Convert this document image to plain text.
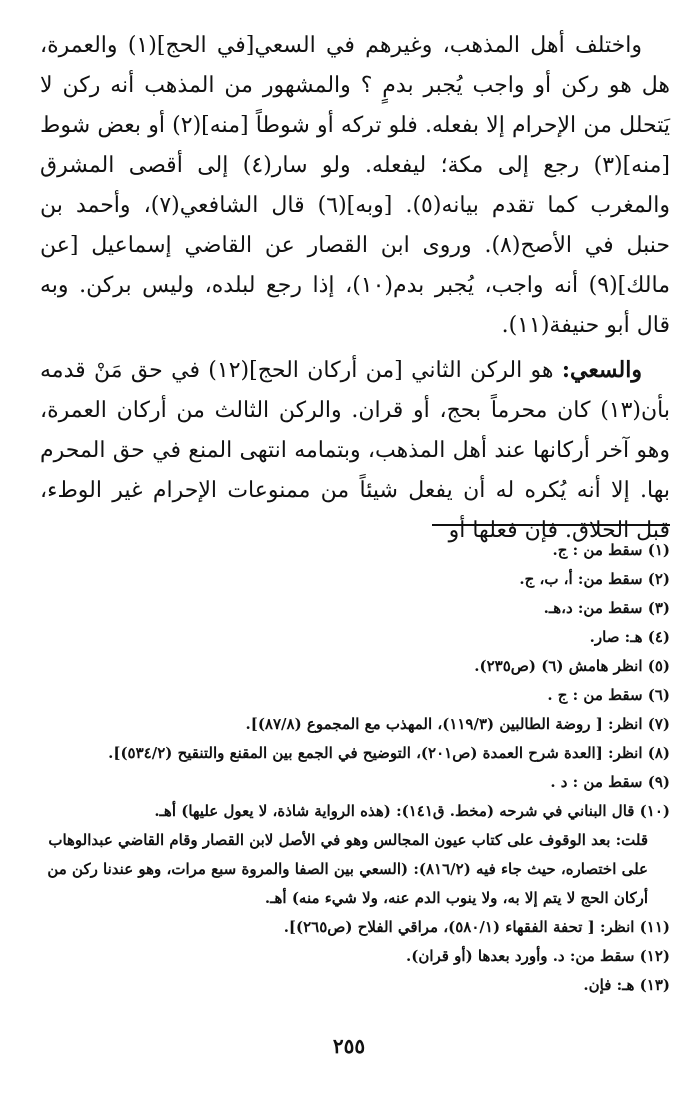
واختلف أهل المذهب، وغيرهم في السعي[في الحج](١) والعمرة، هل هو ركن أو واجب يُجبر بدمٍ ؟ والمشهور من المذهب أنه ركن لا يَتحلل من الإحرام إلا بفعله. فلو تركه أو شوطاً [منه](٢) أو بعض شوط [منه](٣) رجع إلى مكة؛ ليفعله. ولو سار(٤) إلى أقصى المشرق والمغرب كما تقدم بيانه(٥). [وبه](٦) قال الشافعي(٧)، وأحمد بن حنبل في الأصح(٨). وروى ابن القصار عن القاضي إسماعيل [عن مالك](٩) أنه واجب، يُجبر بدم(١٠)، إذا رجع لبلده، وليس بركن. وبه قال أبو حنيفة(١١).

والسعي: هو الركن الثاني [من أركان الحج](١٢) في حق مَنْ قدمه بأن(١٣) كان محرماً بحج، أو قران. والركن الثالث من أركان العمرة، وهو آخر أركانها عند أهل المذهب، وبتمامه انتهى المنع في حق المحرم بها. إلا أنه يُكره له أن يفعل شيئاً من ممنوعات الإحرام غير الوطء، قبل الحلاق. فإن فعلها أو

(١) سقط من : ج.
(٢) سقط من: أ، ب، ج.
(٣) سقط من: د،هـ.
(٤) هـ: صار.
(٥) انظر هامش (٦) (ص٢٣٥).
(٦) سقط من : ج .
(٧) انظر: [ روضة الطالبين (١١٩/٣)، المهذب مع المجموع (٨٧/٨)].
(٨) انظر: [العدة شرح العمدة (ص٢٠١)، التوضيح في الجمع بين المقنع والتنقيح (٥٣٤/٢)].
(٩) سقط من : د .
(١٠) قال البناني في شرحه (مخط. ق١٤١): (هذه الرواية شاذة، لا يعول عليها) أهـ.
قلت: بعد الوقوف على كتاب عيون المجالس وهو في الأصل لابن القصار وقام القاضي عبدالوهاب على اختصاره، حيث جاء فيه (٨١٦/٢): (السعي بين الصفا والمروة سبع مرات، وهو عندنا ركن من أركان الحج لا يتم إلا به، ولا ينوب الدم عنه، ولا شيء منه) أهـ.
(١١) انظر: [ تحفة الفقهاء (٥٨٠/١)، مراقي الفلاح (ص٢٦٥)].
(١٢) سقط من: د. وأورد بعدها (أو قران).
(١٣) هـ: فإن.
٢٥٥
